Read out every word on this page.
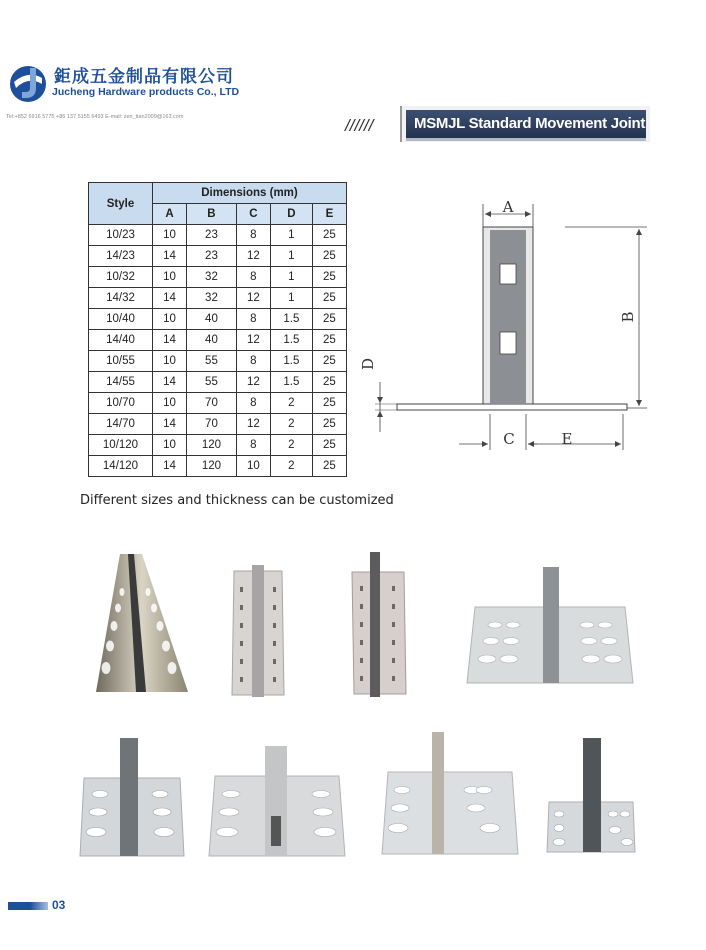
鉅成五金制品有限公司
Jucheng Hardware products Co., LTD
Tel:+852 6916 5775 +86 137 5155 6493 E-mail: zen_tian2009@163.com	//////	MSMJL Standard Movement Joint
Style	Dimensions (mm)				
	A	B	C	D	E
10/23	10	23	8	1	25
14/23	14	23	12	1	25
10/32	10	32	8	1	25
14/32	14	32	12	1	25
10/40	10	40	8	1.5	25
14/40	14	40	12	1.5	25
10/55	10	55	8	1.5	25
14/55	14	55	12	1.5	25
10/70	10	70	8	2	25
14/70	14	70	12	2	25
10/120	10	120	8	2	25
14/120	14	120	10	2	25
Different sizes and thickness can be customized
A
B
C	E
D
03
